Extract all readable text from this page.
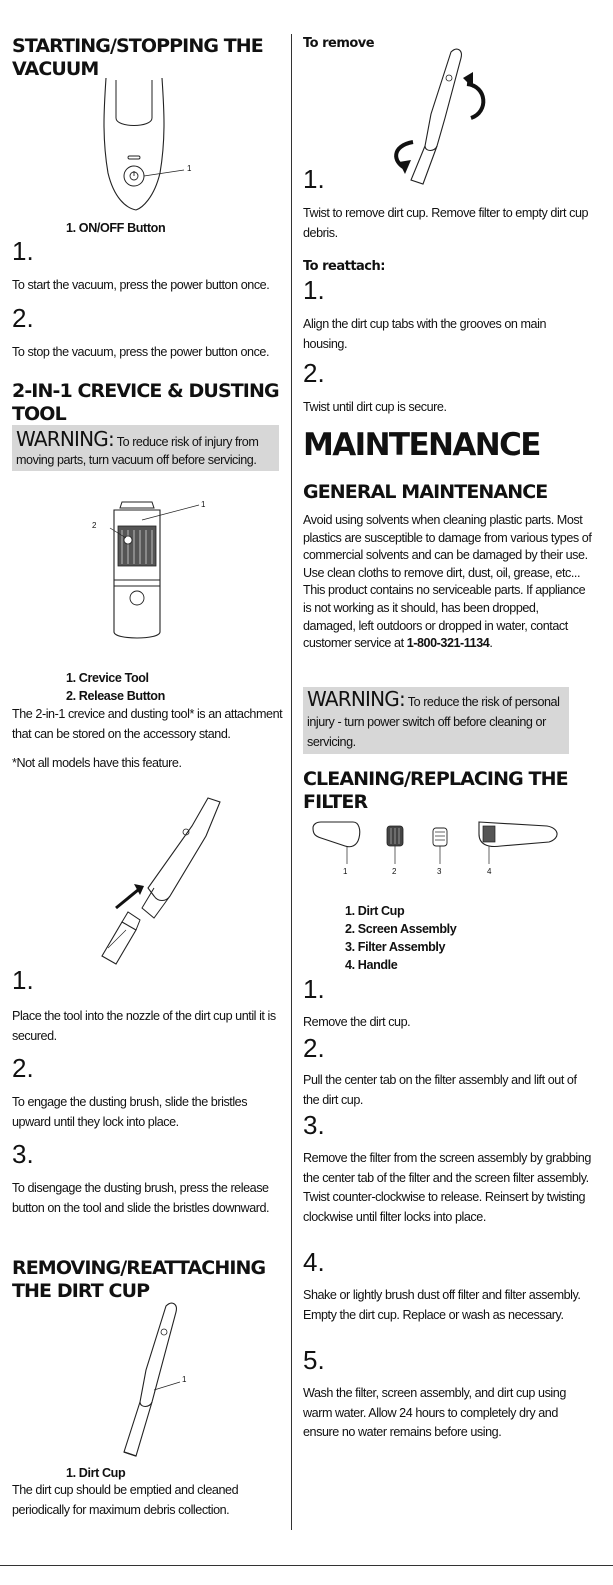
STARTING/STOPPING THE VACUUM
1
1. ON/OFF Button
1.
To start the vacuum, press the power button once.
2.
To stop the vacuum, press the power button once.
2-IN-1 CREVICE & DUSTING TOOL
WARNING: To reduce risk of injury from moving parts, turn vacuum off before servicing.
1
2
1. Crevice Tool
2. Release Button
The 2-in-1 crevice and dusting tool* is an attachment that can be stored on the accessory stand.
*Not all models have this feature.
1.
Place the tool into the nozzle of the dirt cup until it is secured.
2.
To engage the dusting brush, slide the bristles upward until they lock into place.
3.
To disengage the dusting brush, press the release button on the tool and slide the bristles downward.
REMOVING/REATTACHING THE DIRT CUP
1
1. Dirt Cup
The dirt cup should be emptied and cleaned periodically for maximum debris collection.
To remove
1.
Twist to remove dirt cup. Remove filter to empty dirt cup debris.
To reattach:
1.
Align the dirt cup tabs with the grooves on main housing.
2.
Twist until dirt cup is secure.
MAINTENANCE
GENERAL MAINTENANCE
Avoid using solvents when cleaning plastic parts. Most plastics are susceptible to damage from various types of commercial solvents and can be damaged by their use. Use clean cloths to remove dirt, dust, oil, grease, etc... This product contains no serviceable parts. If appliance is not working as it should, has been dropped, damaged, left outdoors or dropped in water, contact customer service at 1-800-321-1134.
WARNING: To reduce the risk of personal injury - turn power switch off before cleaning or servicing.
CLEANING/REPLACING THE FILTER
1	2	3	4
1. Dirt Cup
2. Screen Assembly
3. Filter Assembly
4. Handle
1.
Remove the dirt cup.
2.
Pull the center tab on the filter assembly and lift out of the dirt cup.
3.
Remove the filter from the screen assembly by grabbing the center tab of the filter and the screen filter assembly. Twist counter-clockwise to release. Reinsert by twisting clockwise until filter locks into place.
4.
Shake or lightly brush dust off filter and filter assembly. Empty the dirt cup. Replace or wash as necessary.
5.
Wash the filter, screen assembly, and dirt cup using warm water. Allow 24 hours to completely dry and ensure no water remains before using.
